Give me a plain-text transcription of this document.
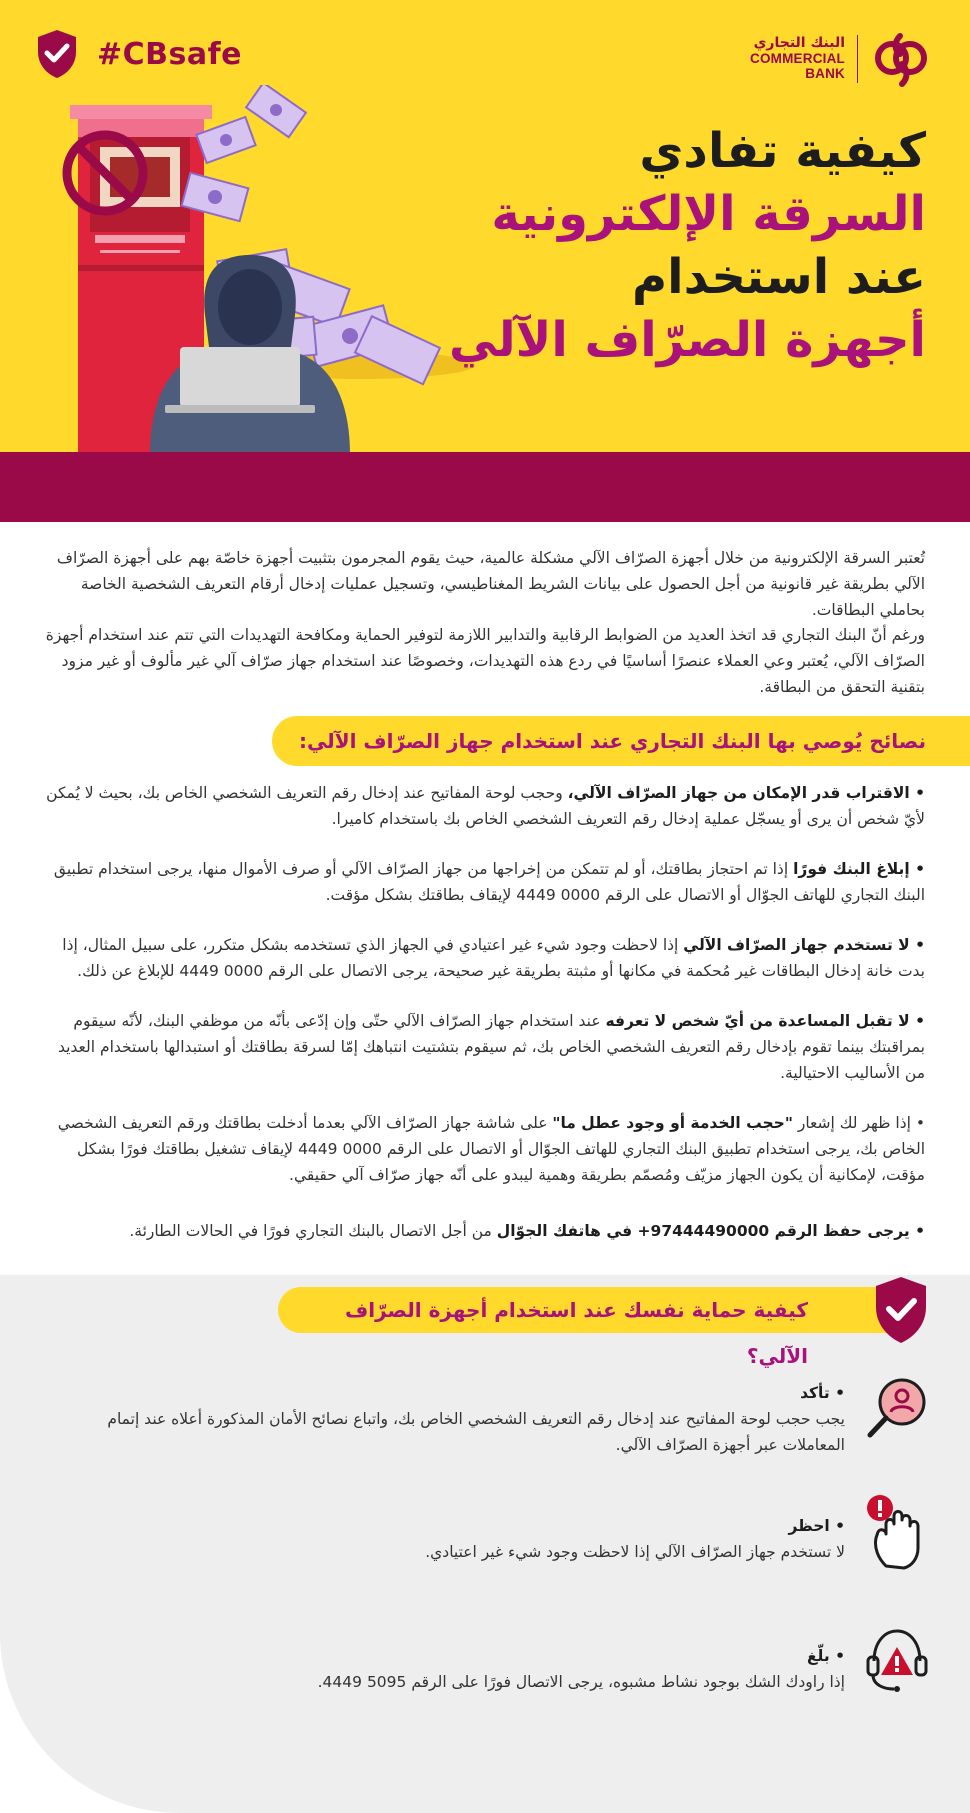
#CBsafe	البنك التجاري
COMMERCIAL
BANK
كيفية تفادي
السرقة الإلكترونية
عند استخدام
أجهزة الصرّاف الآلي

تُعتبر السرقة الإلكترونية من خلال أجهزة الصرّاف الآلي مشكلة عالمية، حيث يقوم المجرمون بتثبيت أجهزة خاصّة بهم على أجهزة الصرّاف الآلي بطريقة غير قانونية من أجل الحصول على بيانات الشريط المغناطيسي، وتسجيل عمليات إدخال أرقام التعريف الشخصية الخاصة بحاملي البطاقات.

ورغم أنّ البنك التجاري قد اتخذ العديد من الضوابط الرقابية والتدابير اللازمة لتوفير الحماية ومكافحة التهديدات التي تتم عند استخدام أجهزة الصرّاف الآلي، يُعتبر وعي العملاء عنصرًا أساسيًا في ردع هذه التهديدات، وخصوصًا عند استخدام جهاز صرّاف آلي غير مألوف أو غير مزود بتقنية التحقق من البطاقة.

نصائح يُوصي بها البنك التجاري عند استخدام جهاز الصرّاف الآلي:

• الاقتراب قدر الإمكان من جهاز الصرّاف الآلي، وحجب لوحة المفاتيح عند إدخال رقم التعريف الشخصي الخاص بك، بحيث لا يُمكن لأيّ شخص أن يرى أو يسجّل عملية إدخال رقم التعريف الشخصي الخاص بك باستخدام كاميرا.

• إبلاغ البنك فورًا إذا تم احتجاز بطاقتك، أو لم تتمكن من إخراجها من جهاز الصرّاف الآلي أو صرف الأموال منها، يرجى استخدام تطبيق البنك التجاري للهاتف الجوّال أو الاتصال على الرقم 0000 4449 لإيقاف بطاقتك بشكل مؤقت.

• لا تستخدم جهاز الصرّاف الآلي إذا لاحظت وجود شيء غير اعتيادي في الجهاز الذي تستخدمه بشكل متكرر، على سبيل المثال، إذا بدت خانة إدخال البطاقات غير مُحكمة في مكانها أو مثبتة بطريقة غير صحيحة، يرجى الاتصال على الرقم 0000 4449 للإبلاغ عن ذلك.

• لا تقبل المساعدة من أيّ شخص لا تعرفه عند استخدام جهاز الصرّاف الآلي حتّى وإن إدّعى بأنّه من موظفي البنك، لأنّه سيقوم بمراقبتك بينما تقوم بإدخال رقم التعريف الشخصي الخاص بك، ثم سيقوم بتشتيت انتباهك إمّا لسرقة بطاقتك أو استبدالها باستخدام العديد من الأساليب الاحتيالية.

• إذا ظهر لك إشعار "حجب الخدمة أو وجود عطل ما" على شاشة جهاز الصرّاف الآلي بعدما أدخلت بطاقتك ورقم التعريف الشخصي الخاص بك، يرجى استخدام تطبيق البنك التجاري للهاتف الجوّال أو الاتصال على الرقم 0000 4449 لإيقاف تشغيل بطاقتك فورًا بشكل مؤقت، لإمكانية أن يكون الجهاز مزيّف ومُصمّم بطريقة وهمية ليبدو على أنّه جهاز صرّاف آلي حقيقي.

• يرجى حفظ الرقم 97444490000+ في هاتفك الجوّال من أجل الاتصال بالبنك التجاري فورًا في الحالات الطارئة.

كيفية حماية نفسك عند استخدام أجهزة الصرّاف الآلي؟
• تأكد
يجب حجب لوحة المفاتيح عند إدخال رقم التعريف الشخصي الخاص بك، واتباع نصائح الأمان المذكورة أعلاه عند إتمام المعاملات عبر أجهزة الصرّاف الآلي.
• احظر
لا تستخدم جهاز الصرّاف الآلي إذا لاحظت وجود شيء غير اعتيادي.
• بلّغ
إذا راودك الشك بوجود نشاط مشبوه، يرجى الاتصال فورًا على الرقم 5095 4449.
